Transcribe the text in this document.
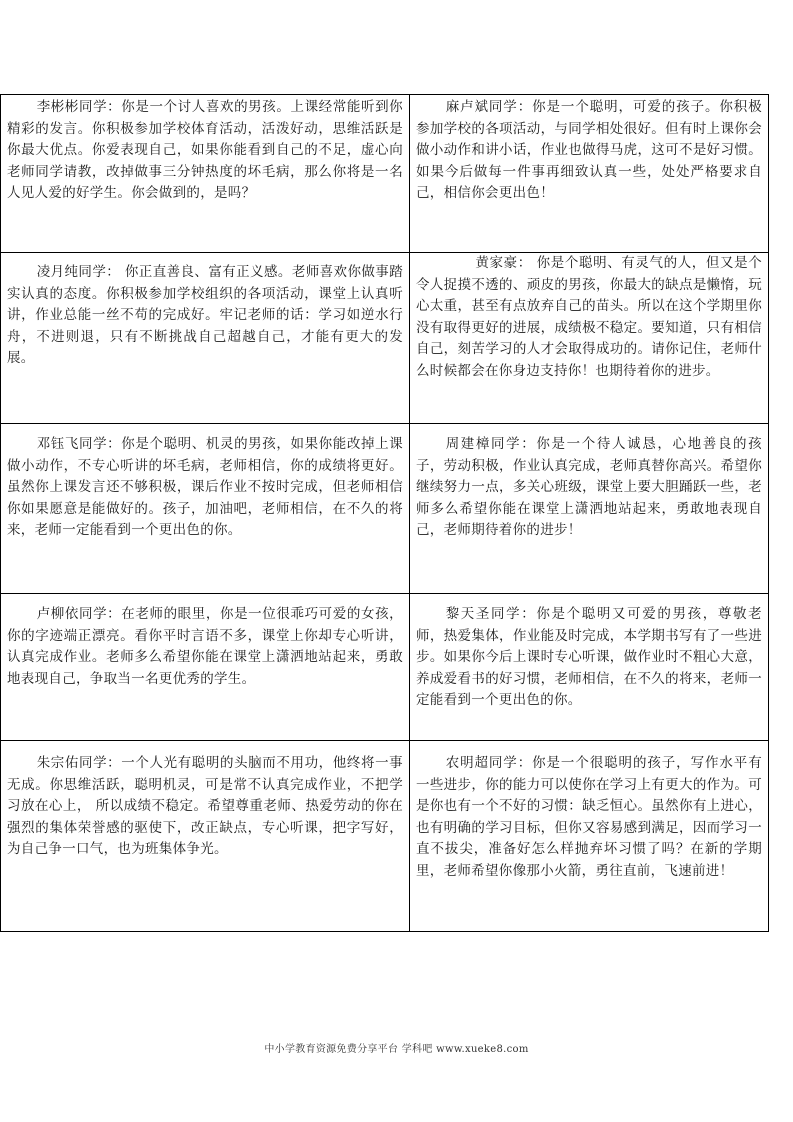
李彬彬同学：你是一个讨人喜欢的男孩。上课经常能听到你精彩的发言。你积极参加学校体育活动，活泼好动，思维活跃是你最大优点。你爱表现自己，如果你能看到自己的不足，虚心向老师同学请教，改掉做事三分钟热度的坏毛病，那么你将是一名人见人爱的好学生。你会做到的，是吗？	麻卢斌同学：你是一个聪明，可爱的孩子。你积极参加学校的各项活动，与同学相处很好。但有时上课你会做小动作和讲小话，作业也做得马虎，这可不是好习惯。如果今后做每一件事再细致认真一些，处处严格要求自己，相信你会更出色！

凌月纯同学： 你正直善良、富有正义感。老师喜欢你做事踏实认真的态度。你积极参加学校组织的各项活动，课堂上认真听讲，作业总能一丝不苟的完成好。牢记老师的话：学习如逆水行舟，不进则退，只有不断挑战自己超越自己，才能有更大的发展。	黄家豪： 你是个聪明、有灵气的人，但又是个令人捉摸不透的、顽皮的男孩，你最大的缺点是懒惰，玩心太重，甚至有点放弃自己的苗头。所以在这个学期里你没有取得更好的进展，成绩极不稳定。要知道，只有相信自己，刻苦学习的人才会取得成功的。请你记住，老师什么时候都会在你身边支持你！也期待着你的进步。

邓钰飞同学：你是个聪明、机灵的男孩，如果你能改掉上课做小动作，不专心听讲的坏毛病，老师相信，你的成绩将更好。虽然你上课发言还不够积极，课后作业不按时完成，但老师相信你如果愿意是能做好的。孩子，加油吧，老师相信，在不久的将来，老师一定能看到一个更出色的你。	周建樟同学：你是一个待人诚恳，心地善良的孩子，劳动积极，作业认真完成，老师真替你高兴。希望你继续努力一点，多关心班级，课堂上要大胆踊跃一些，老师多么希望你能在课堂上潇洒地站起来，勇敢地表现自己，老师期待着你的进步！

卢柳依同学：在老师的眼里，你是一位很乖巧可爱的女孩，你的字迹端正漂亮。看你平时言语不多，课堂上你却专心听讲，认真完成作业。老师多么希望你能在课堂上潇洒地站起来，勇敢地表现自己，争取当一名更优秀的学生。	黎天圣同学：你是个聪明又可爱的男孩，尊敬老师，热爱集体，作业能及时完成，本学期书写有了一些进步。如果你今后上课时专心听课，做作业时不粗心大意，养成爱看书的好习惯，老师相信，在不久的将来，老师一定能看到一个更出色的你。

朱宗佑同学：一个人光有聪明的头脑而不用功，他终将一事无成。你思维活跃，聪明机灵，可是常不认真完成作业，不把学习放在心上， 所以成绩不稳定。希望尊重老师、热爱劳动的你在强烈的集体荣誉感的驱使下，改正缺点，专心听课，把字写好，为自己争一口气，也为班集体争光。	农明超同学：你是一个很聪明的孩子，写作水平有一些进步，你的能力可以使你在学习上有更大的作为。可是你也有一个不好的习惯：缺乏恒心。虽然你有上进心，也有明确的学习目标，但你又容易感到满足，因而学习一直不拔尖，准备好怎么样抛弃坏习惯了吗？在新的学期里，老师希望你像那小火箭，勇往直前，飞速前进！

中小学教育资源免费分享平台 学科吧 www.xueke8.com
